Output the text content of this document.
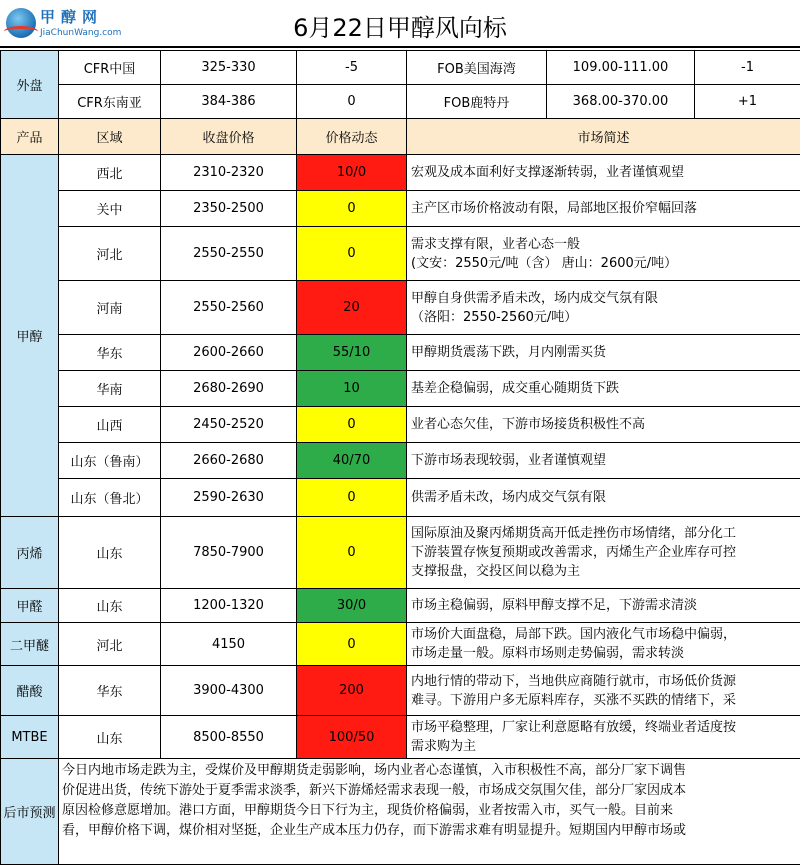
甲醇网
JiaChunWang.com	6月22日甲醇风向标
外盘	CFR中国	325-330	-5	FOB美国海湾	109.00-111.00	-1
	CFR东南亚	384-386	0	FOB鹿特丹	368.00-370.00	+1
产品	区域	收盘价格	价格动态	市场简述		
甲醇	西北	2310-2320	10/0	宏观及成本面利好支撑逐渐转弱，业者谨慎观望		

	关中	2350-2500	0	主产区市场价格波动有限，局部地区报价窄幅回落		

	河北	2550-2550	0	需求支撑有限，业者心态一般
(文安：2550元/吨（含） 唐山：2600元/吨）		

	河南	2550-2560	20	甲醇自身供需矛盾未改，场内成交气氛有限
（洛阳：2550-2560元/吨）		

	华东	2600-2660	55/10	甲醇期货震荡下跌，月内刚需买货		

	华南	2680-2690	10	基差企稳偏弱，成交重心随期货下跌		

	山西	2450-2520	0	业者心态欠佳，下游市场接货积极性不高		

	山东（鲁南）	2660-2680	40/70	下游市场表现较弱，业者谨慎观望		

	山东（鲁北）	2590-2630	0	供需矛盾未改，场内成交气氛有限		

丙烯	山东	7850-7900	0	国际原油及聚丙烯期货高开低走挫伤市场情绪，部分化工
下游装置存恢复预期或改善需求，丙烯生产企业库存可控
支撑报盘，交投区间以稳为主		

甲醛	山东	1200-1320	30/0	市场主稳偏弱，原料甲醇支撑不足，下游需求清淡		

二甲醚	河北	4150	0	市场价大面盘稳，局部下跌。国内液化气市场稳中偏弱，
市场走量一般。原料市场则走势偏弱，需求转淡		

醋酸	华东	3900-4300	200	内地行情的带动下，当地供应商随行就市，市场低价货源
难寻。下游用户多无原料库存，买涨不买跌的情绪下，采		

MTBE	山东	8500-8550	100/50	市场平稳整理，厂家让利意愿略有放缓，终端业者适度按
需求购为主		

后市预测	今日内地市场走跌为主，受煤价及甲醇期货走弱影响，场内业者心态谨慎，入市积极性不高，部分厂家下调售
价促进出货，传统下游处于夏季需求淡季，新兴下游烯烃需求表现一般，市场成交氛围欠佳，部分厂家因成本
原因检修意愿增加。港口方面，甲醇期货今日下行为主，现货价格偏弱，业者按需入市，买气一般。目前来
看，甲醇价格下调，煤价相对坚挺，企业生产成本压力仍存，而下游需求难有明显提升。短期国内甲醇市场或					
